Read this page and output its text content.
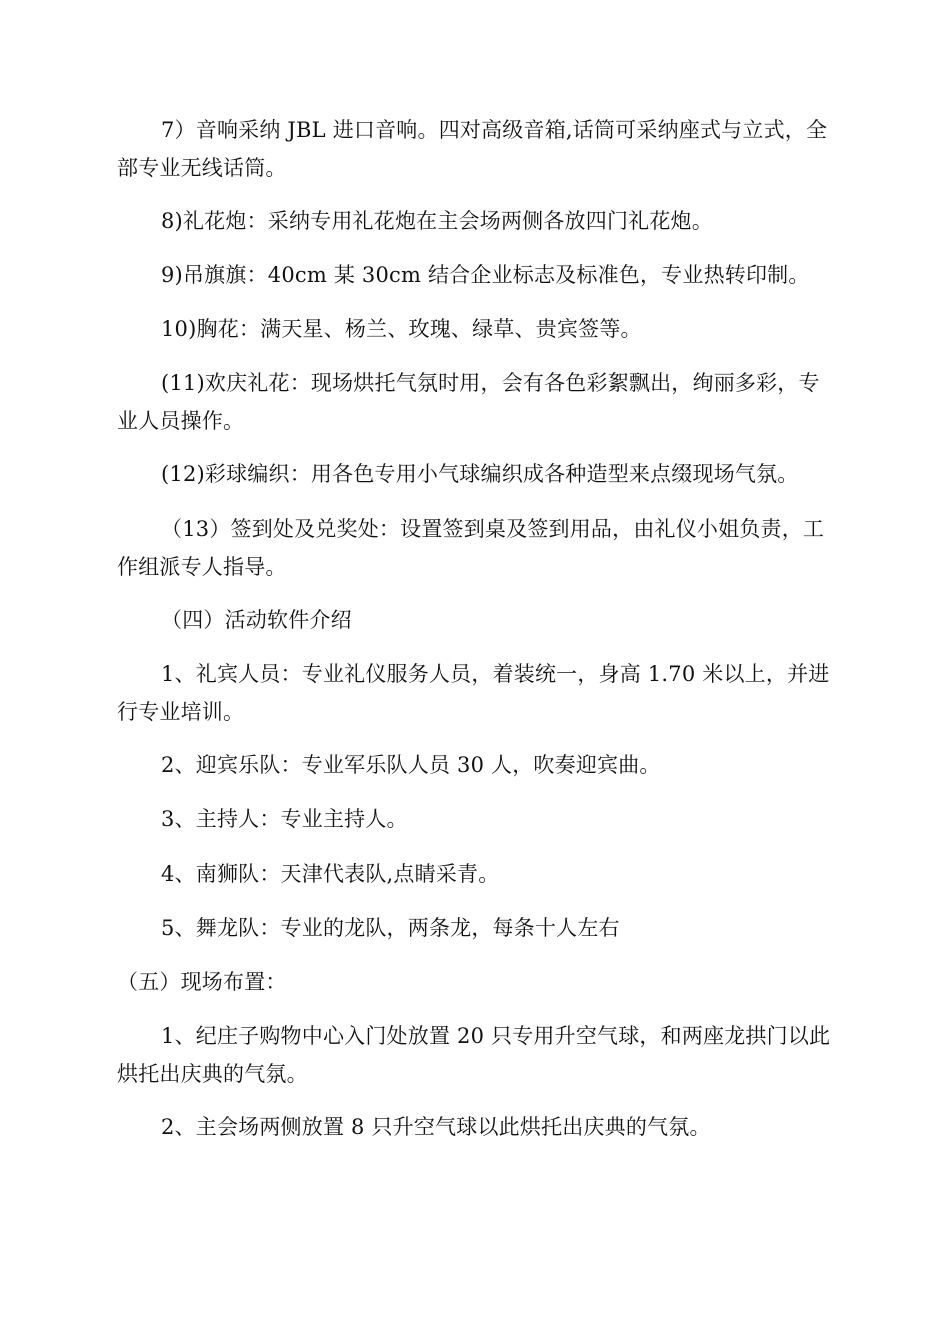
7）音响采纳 JBL 进口音响。四对高级音箱,话筒可采纳座式与立式，全部专业无线话筒。

8)礼花炮：采纳专用礼花炮在主会场两侧各放四门礼花炮。

9)吊旗旗：40cm 某 30cm 结合企业标志及标准色，专业热转印制。

10)胸花：满天星、杨兰、玫瑰、绿草、贵宾签等。

(11)欢庆礼花：现场烘托气氛时用，会有各色彩絮飘出，绚丽多彩，专业人员操作。

(12)彩球编织：用各色专用小气球编织成各种造型来点缀现场气氛。

（13）签到处及兑奖处：设置签到桌及签到用品，由礼仪小姐负责，工作组派专人指导。

（四）活动软件介绍

1、礼宾人员：专业礼仪服务人员，着装统一，身高 1.70 米以上，并进行专业培训。

2、迎宾乐队：专业军乐队人员 30 人，吹奏迎宾曲。

3、主持人：专业主持人。

4、南狮队：天津代表队,点睛采青。

5、舞龙队：专业的龙队，两条龙，每条十人左右

（五）现场布置：

1、纪庄子购物中心入门处放置 20 只专用升空气球，和两座龙拱门以此烘托出庆典的气氛。

2、主会场两侧放置 8 只升空气球以此烘托出庆典的气氛。
